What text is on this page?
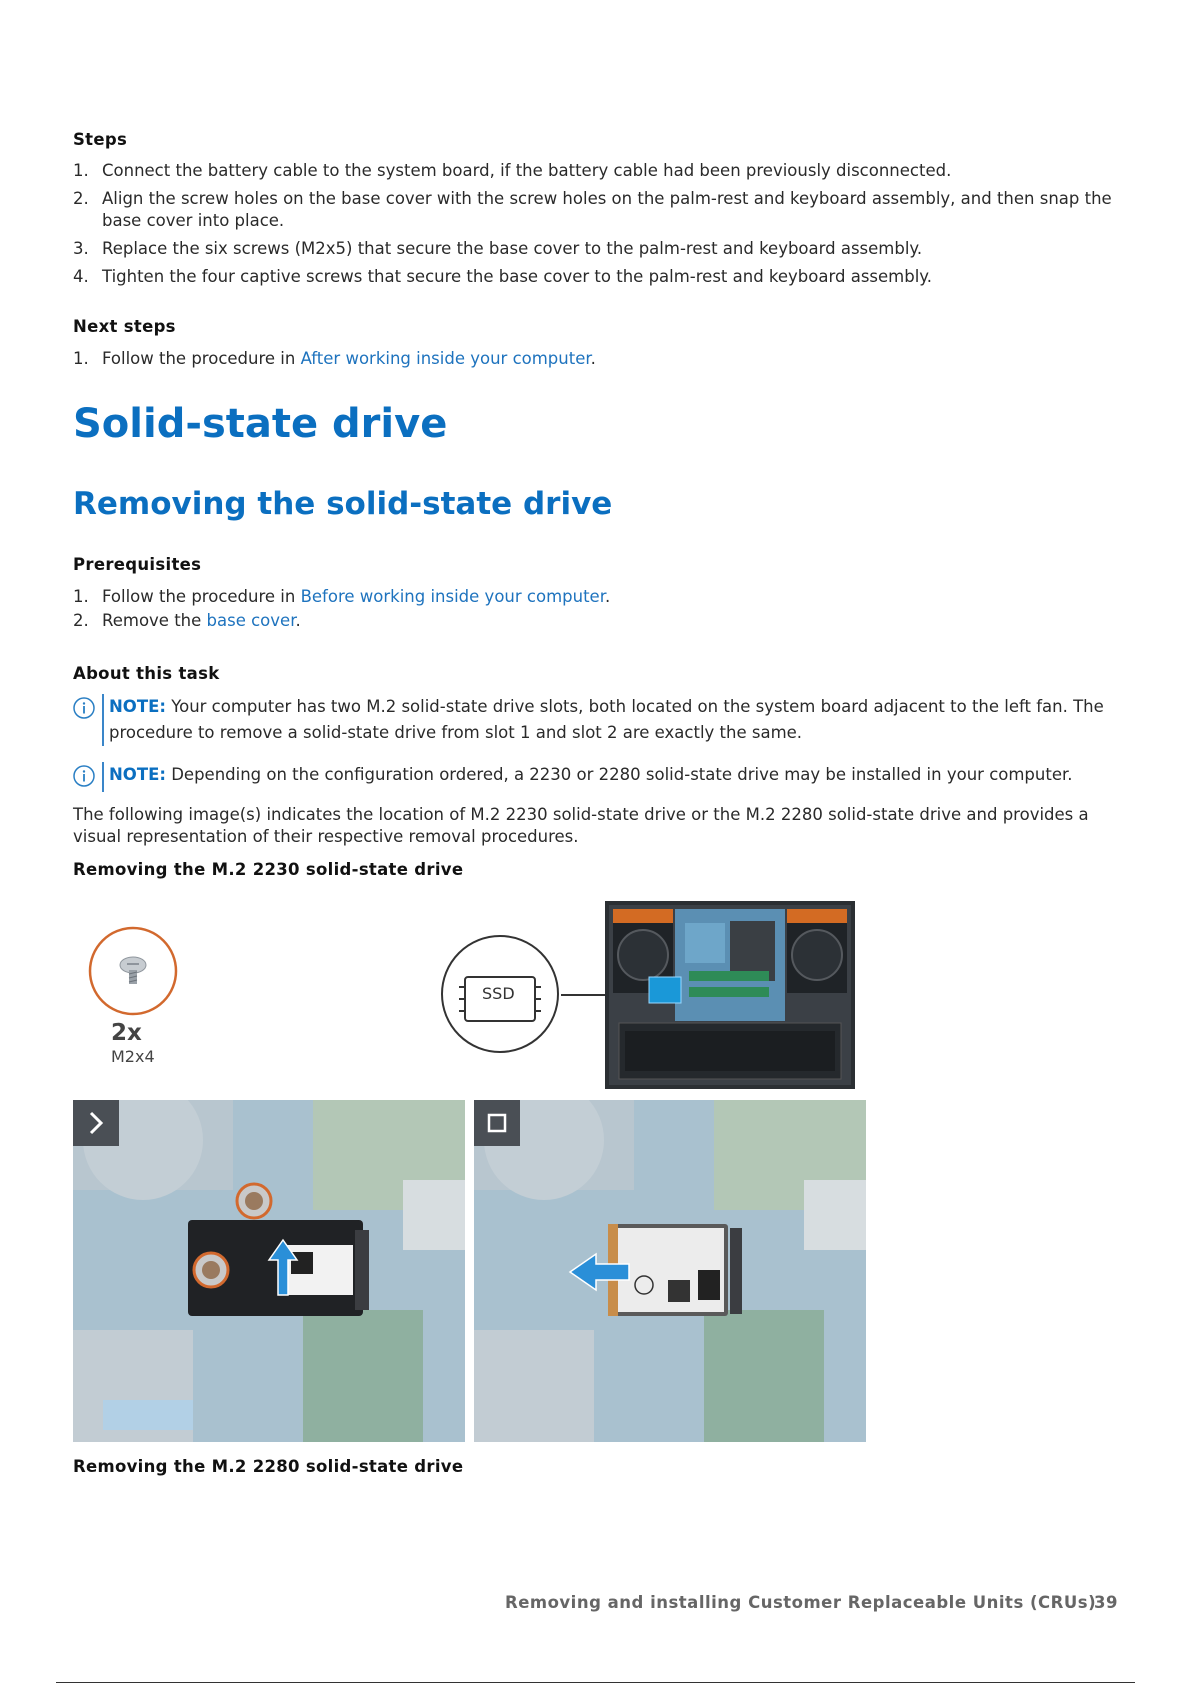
Steps
1. Connect the battery cable to the system board, if the battery cable had been previously disconnected.
2. Align the screw holes on the base cover with the screw holes on the palm-rest and keyboard assembly, and then snap the base cover into place.
3. Replace the six screws (M2x5) that secure the base cover to the palm-rest and keyboard assembly.
4. Tighten the four captive screws that secure the base cover to the palm-rest and keyboard assembly.
Next steps
1. Follow the procedure in After working inside your computer.
Solid-state drive
Removing the solid-state drive
Prerequisites
1. Follow the procedure in Before working inside your computer.
2. Remove the base cover.
About this task
NOTE: Your computer has two M.2 solid-state drive slots, both located on the system board adjacent to the left fan. The procedure to remove a solid-state drive from slot 1 and slot 2 are exactly the same.
NOTE: Depending on the configuration ordered, a 2230 or 2280 solid-state drive may be installed in your computer.
The following image(s) indicates the location of M.2 2230 solid-state drive or the M.2 2280 solid-state drive and provides a visual representation of their respective removal procedures.
Removing the M.2 2230 solid-state drive
2x
M2x4
SSD
Removing the M.2 2280 solid-state drive
Removing and installing Customer Replaceable Units (CRUs)
39
